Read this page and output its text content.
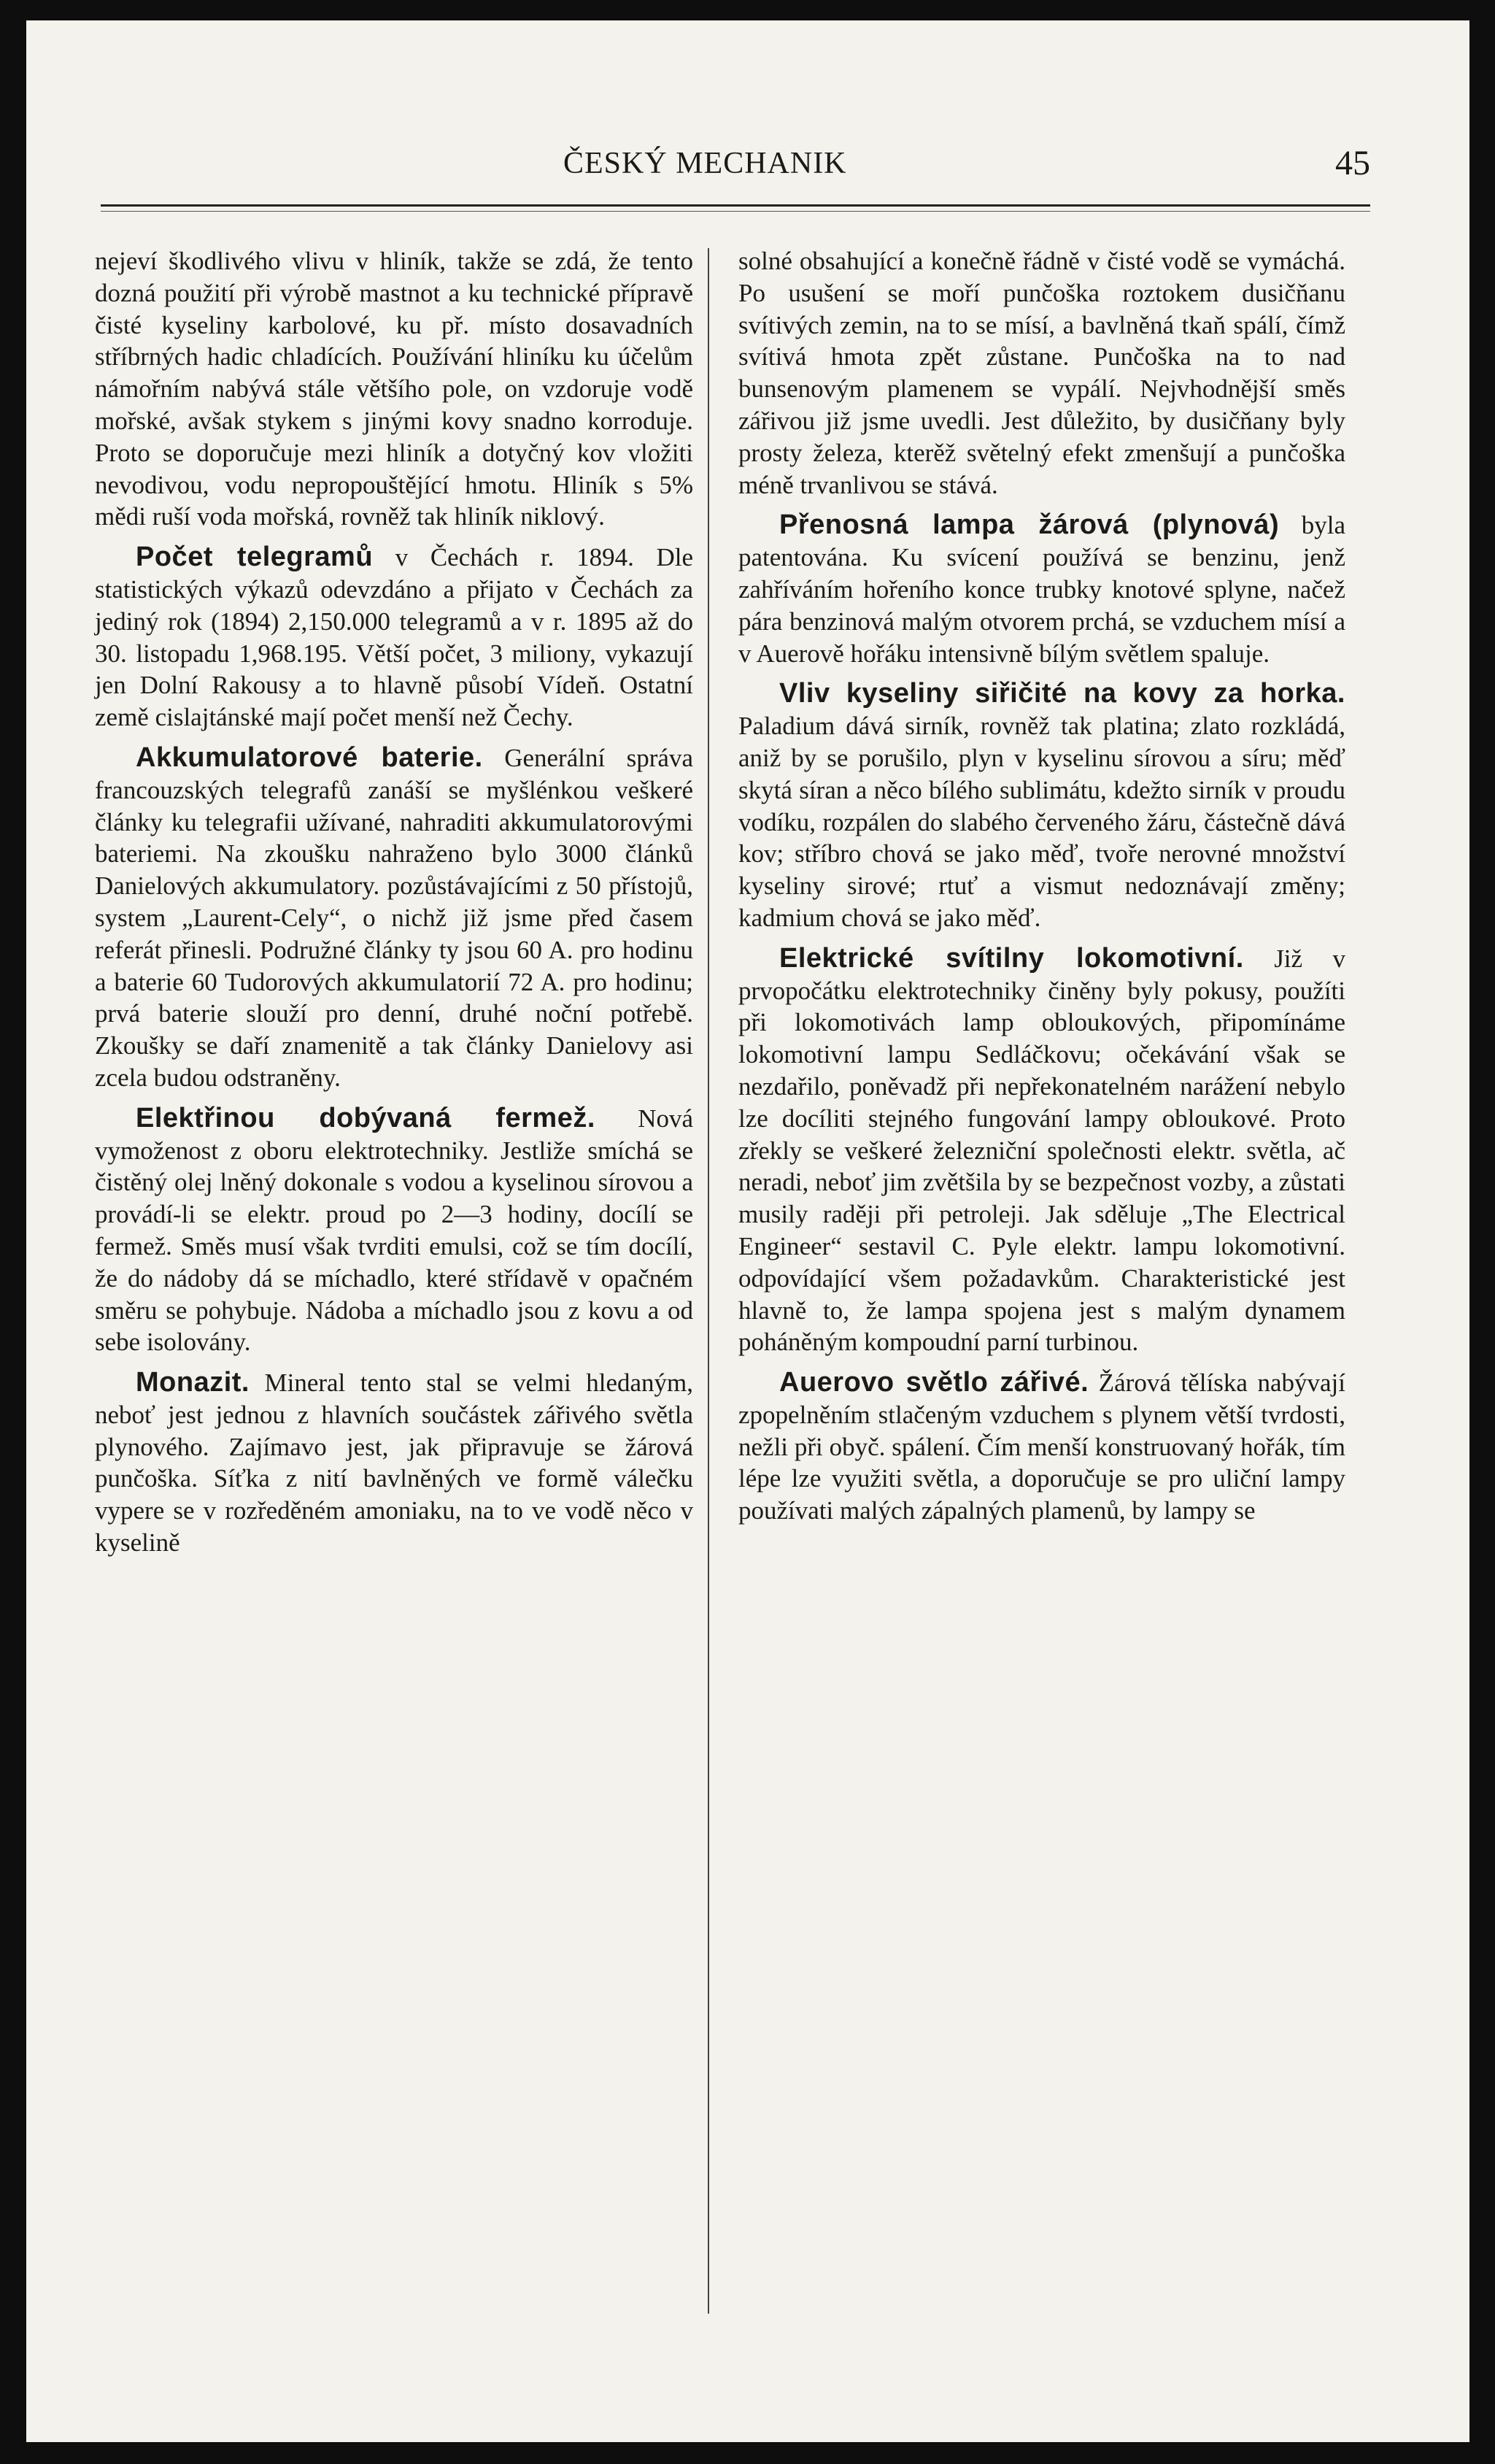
ČESKÝ MECHANIK	45

nejeví škodlivého vlivu v hliník, takže se zdá, že tento dozná použití při výrobě mastnot a ku technické přípravě čisté kyseliny karbolové, ku př. místo dosavadních stříbrných hadic chladících. Používání hliníku ku účelům námořním nabývá stále většího pole, on vzdoruje vodě mořské, avšak stykem s jinými kovy snadno korroduje. Proto se doporučuje mezi hliník a dotyčný kov vložiti nevodivou, vodu nepropouštějící hmotu. Hliník s 5% mědi ruší voda mořská, rovněž tak hliník niklový.

Počet telegramů v Čechách r. 1894. Dle statistických výkazů odevzdáno a přijato v Čechách za jediný rok (1894) 2,150.000 telegramů a v r. 1895 až do 30. listopadu 1,968.195. Větší počet, 3 miliony, vykazují jen Dolní Rakousy a to hlavně působí Vídeň. Ostatní země cislajtánské mají počet menší než Čechy.

Akkumulatorové baterie. Generální správa francouzských telegrafů zanáší se myšlénkou veškeré články ku telegrafii užívané, nahraditi akkumulatorovými bateriemi. Na zkoušku nahraženo bylo 3000 článků Danielových akkumulatory. pozůstávajícími z 50 přístojů, system „Laurent-Cely“, o nichž již jsme před časem referát přinesli. Podružné články ty jsou 60 A. pro hodinu a baterie 60 Tudorových akkumulatorií 72 A. pro hodinu; prvá baterie slouží pro denní, druhé noční potřebě. Zkoušky se daří znamenitě a tak články Danielovy asi zcela budou odstraněny.

Elektřinou dobývaná fermež. Nová vymoženost z oboru elektrotechniky. Jestliže smíchá se čistěný olej lněný dokonale s vodou a kyselinou sírovou a provádí-li se elektr. proud po 2—3 hodiny, docílí se fermež. Směs musí však tvrditi emulsi, což se tím docílí, že do nádoby dá se míchadlo, které střídavě v opačném směru se pohybuje. Nádoba a míchadlo jsou z kovu a od sebe isolovány.

Monazit. Mineral tento stal se velmi hledaným, neboť jest jednou z hlavních součástek zářivého světla plynového. Zajímavo jest, jak připravuje se žárová punčoška. Síťka z nití bavlněných ve formě válečku vypere se v rozředěném amoniaku, na to ve vodě něco v kyselině

solné obsahující a konečně řádně v čisté vodě se vymáchá. Po usušení se moří punčoška roztokem dusičňanu svítivých zemin, na to se mísí, a bavlněná tkaň spálí, čímž svítivá hmota zpět zůstane. Punčoška na to nad bunsenovým plamenem se vypálí. Nejvhodnější směs zářivou již jsme uvedli. Jest důležito, by dusičňany byly prosty železa, kterěž světelný efekt zmenšují a punčoška méně trvanlivou se stává.

Přenosná lampa žárová (plynová) byla patentována. Ku svícení používá se benzinu, jenž zahříváním hořeního konce trubky knotové splyne, načež pára benzinová malým otvorem prchá, se vzduchem mísí a v Auerově hořáku intensivně bílým světlem spaluje.

Vliv kyseliny siřičité na kovy za horka. Paladium dává sirník, rovněž tak platina; zlato rozkládá, aniž by se porušilo, plyn v kyselinu sírovou a síru; měď skytá síran a něco bílého sublimátu, kdežto sirník v proudu vodíku, rozpálen do slabého červeného žáru, částečně dává kov; stříbro chová se jako měď, tvoře nerovné množství kyseliny sirové; rtuť a vismut nedoznávají změny; kadmium chová se jako měď.

Elektrické svítilny lokomotivní. Již v prvopočátku elektrotechniky činěny byly pokusy, použíti při lokomotivách lamp obloukových, připomínáme lokomotivní lampu Sedláčkovu; očekávání však se nezdařilo, poněvadž při nepřekonatelném narážení nebylo lze docíliti stejného fungování lampy obloukové. Proto zřekly se veškeré železniční společnosti elektr. světla, ač neradi, neboť jim zvětšila by se bezpečnost vozby, a zůstati musily raději při petroleji. Jak sděluje „The Electrical Engineer“ sestavil C. Pyle elektr. lampu lokomotivní. odpovídající všem požadavkům. Charakteristické jest hlavně to, že lampa spojena jest s malým dynamem poháněným kompoudní parní turbinou.

Auerovo světlo zářivé. Žárová tělíska nabývají zpopelněním stlačeným vzduchem s plynem větší tvrdosti, nežli při obyč. spálení. Čím menší konstruovaný hořák, tím lépe lze využiti světla, a doporučuje se pro uliční lampy používati malých zápalných plamenů, by lampy se
